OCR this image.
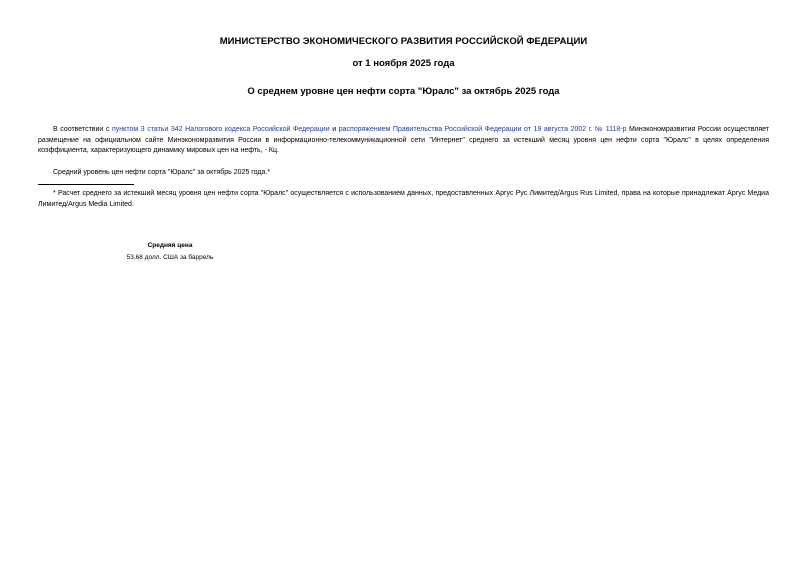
МИНИСТЕРСТВО ЭКОНОМИЧЕСКОГО РАЗВИТИЯ РОССИЙСКОЙ ФЕДЕРАЦИИ
от 1 ноября 2025 года
О среднем уровне цен нефти сорта "Юралс" за октябрь 2025 года
В соответствии с пунктом 3 статьи 342 Налогового кодекса Российской Федерации и распоряжением Правительства Российской Федерации от 19 августа 2002 г. № 1118-р Минэкономразвития России осуществляет размещение на официальном сайте Минэкономразвития России в информационно-телекоммуникационной сети "Интернет" среднего за истекший месяц уровня цен нефти сорта "Юралс" в целях определения коэффициента, характеризующего динамику мировых цен на нефть, - Кц.
Средний уровень цен нефти сорта "Юралс" за октябрь 2025 года.*
* Расчет среднего за истекший месяц уровня цен нефти сорта "Юралс" осуществляется с использованием данных, предоставленных Аргус Рус Лимитед/Argus Rus Limited, права на которые принадлежат Аргус Медиа Лимитед/Argus Media Limited.
Средняя цена
53,68 долл. США за баррель
